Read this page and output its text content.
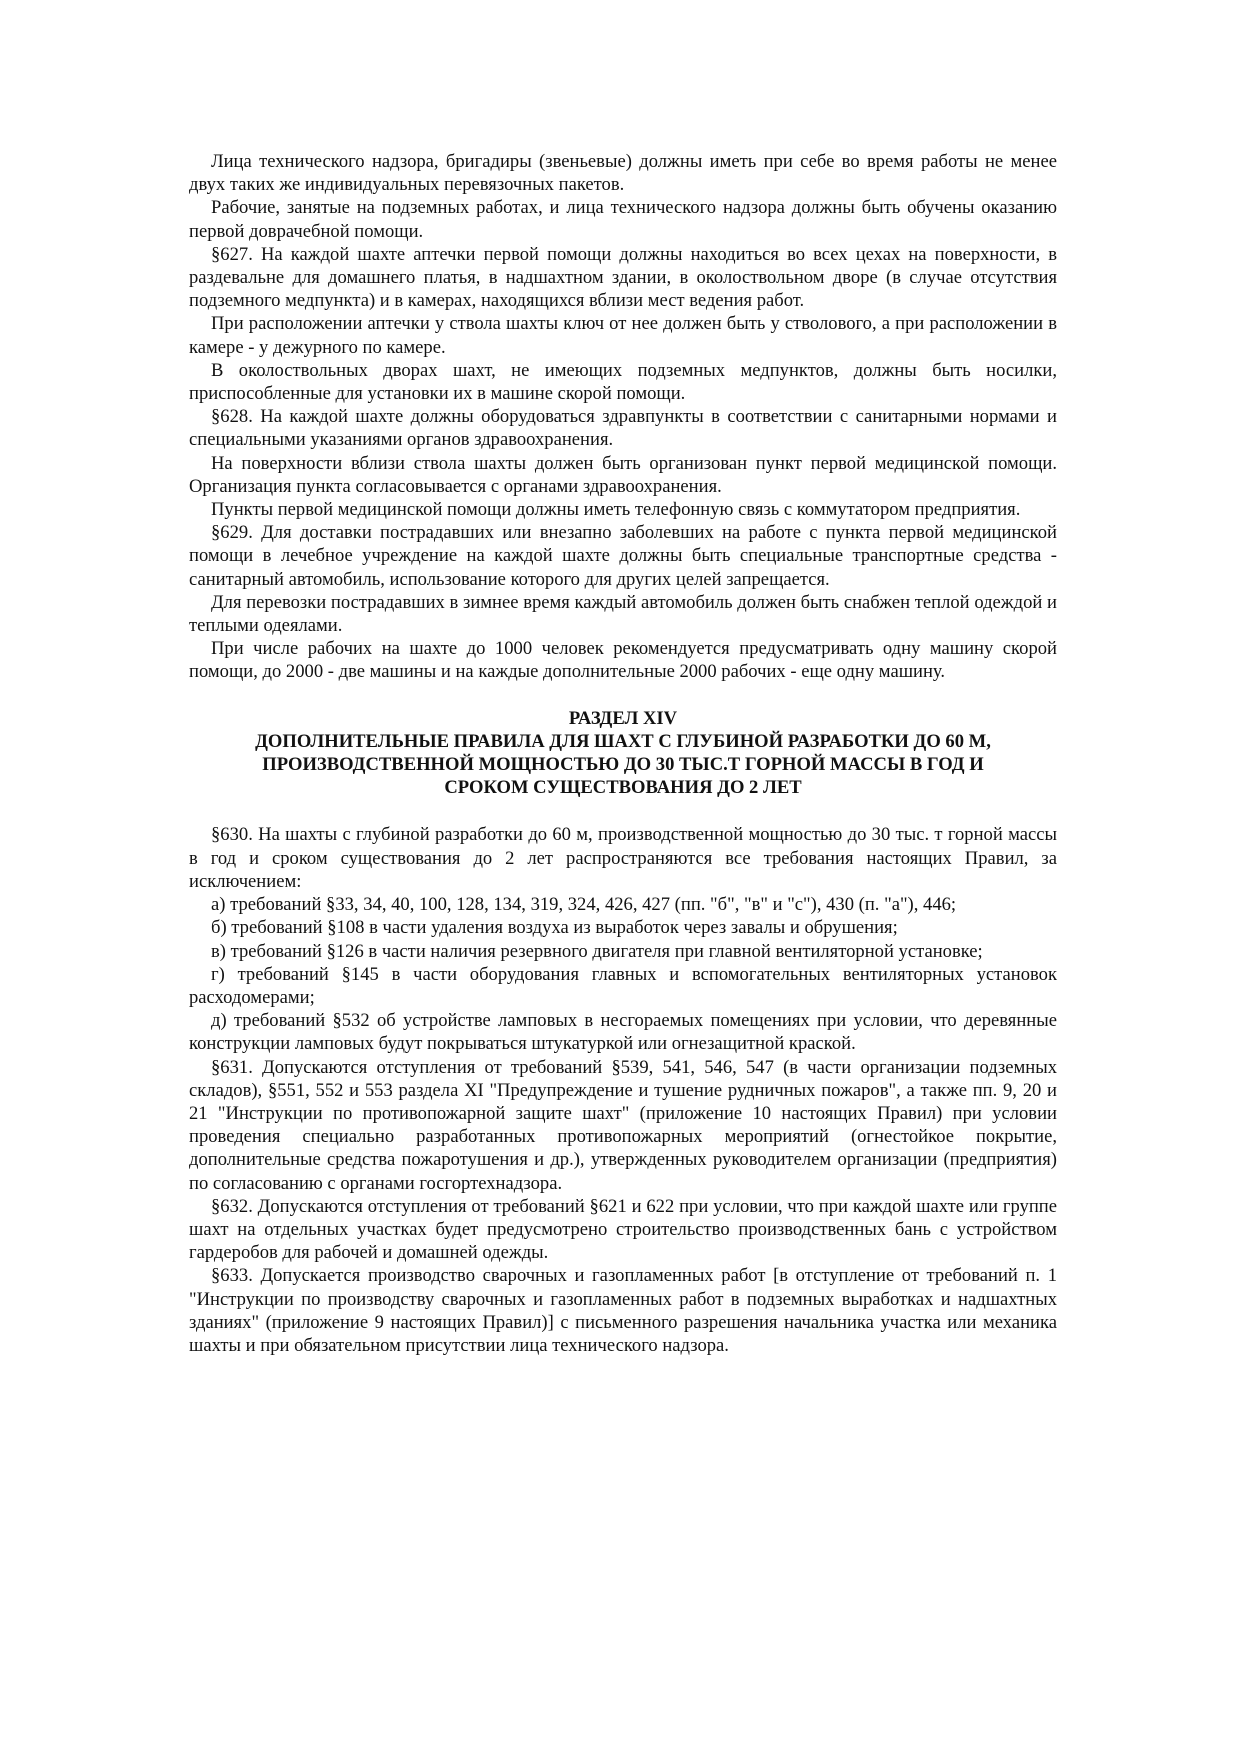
Лица технического надзора, бригадиры (звеньевые) должны иметь при себе во время работы не менее двух таких же индивидуальных перевязочных пакетов.

Рабочие, занятые на подземных работах, и лица технического надзора должны быть обучены оказанию первой доврачебной помощи.

§627. На каждой шахте аптечки первой помощи должны находиться во всех цехах на поверхности, в раздевальне для домашнего платья, в надшахтном здании, в околоствольном дворе (в случае отсутствия подземного медпункта) и в камерах, находящихся вблизи мест ведения работ.

При расположении аптечки у ствола шахты ключ от нее должен быть у стволового, а при расположении в камере - у дежурного по камере.

В околоствольных дворах шахт, не имеющих подземных медпунктов, должны быть носилки, приспособленные для установки их в машине скорой помощи.

§628. На каждой шахте должны оборудоваться здравпункты в соответствии с санитарными нормами и специальными указаниями органов здравоохранения.

На поверхности вблизи ствола шахты должен быть организован пункт первой медицинской помощи. Организация пункта согласовывается с органами здравоохранения.

Пункты первой медицинской помощи должны иметь телефонную связь с коммутатором предприятия.

§629. Для доставки пострадавших или внезапно заболевших на работе с пункта первой медицинской помощи в лечебное учреждение на каждой шахте должны быть специальные транспортные средства - санитарный автомобиль, использование которого для других целей запрещается.

Для перевозки пострадавших в зимнее время каждый автомобиль должен быть снабжен теплой одеждой и теплыми одеялами.

При числе рабочих на шахте до 1000 человек рекомендуется предусматривать одну машину скорой помощи, до 2000 - две машины и на каждые дополнительные 2000 рабочих - еще одну машину.

РАЗДЕЛ XIV
ДОПОЛНИТЕЛЬНЫЕ ПРАВИЛА ДЛЯ ШАХТ С ГЛУБИНОЙ РАЗРАБОТКИ ДО 60 М,
ПРОИЗВОДСТВЕННОЙ МОЩНОСТЬЮ ДО 30 ТЫС.Т ГОРНОЙ МАССЫ В ГОД И
СРОКОМ СУЩЕСТВОВАНИЯ ДО 2 ЛЕТ

§630. На шахты с глубиной разработки до 60 м, производственной мощностью до 30 тыс. т горной массы в год и сроком существования до 2 лет распространяются все требования настоящих Правил, за исключением:

а) требований §33, 34, 40, 100, 128, 134, 319, 324, 426, 427 (пп. "б", "в" и "с"), 430 (п. "а"), 446;

б) требований §108 в части удаления воздуха из выработок через завалы и обрушения;

в) требований §126 в части наличия резервного двигателя при главной вентиляторной установке;

г) требований §145 в части оборудования главных и вспомогательных вентиляторных установок расходомерами;

д) требований §532 об устройстве ламповых в несгораемых помещениях при условии, что деревянные конструкции ламповых будут покрываться штукатуркой или огнезащитной краской.

§631. Допускаются отступления от требований §539, 541, 546, 547 (в части организации подземных складов), §551, 552 и 553 раздела XI "Предупреждение и тушение рудничных пожаров", а также пп. 9, 20 и 21 "Инструкции по противопожарной защите шахт" (приложение 10 настоящих Правил) при условии проведения специально разработанных противопожарных мероприятий (огнестойкое покрытие, дополнительные средства пожаротушения и др.), утвержденных руководителем организации (предприятия) по согласованию с органами госгортехнадзора.

§632. Допускаются отступления от требований §621 и 622 при условии, что при каждой шахте или группе шахт на отдельных участках будет предусмотрено строительство производственных бань с устройством гардеробов для рабочей и домашней одежды.

§633. Допускается производство сварочных и газопламенных работ [в отступление от требований п. 1 "Инструкции по производству сварочных и газопламенных работ в подземных выработках и надшахтных зданиях" (приложение 9 настоящих Правил)] с письменного разрешения начальника участка или механика шахты и при обязательном присутствии лица технического надзора.
